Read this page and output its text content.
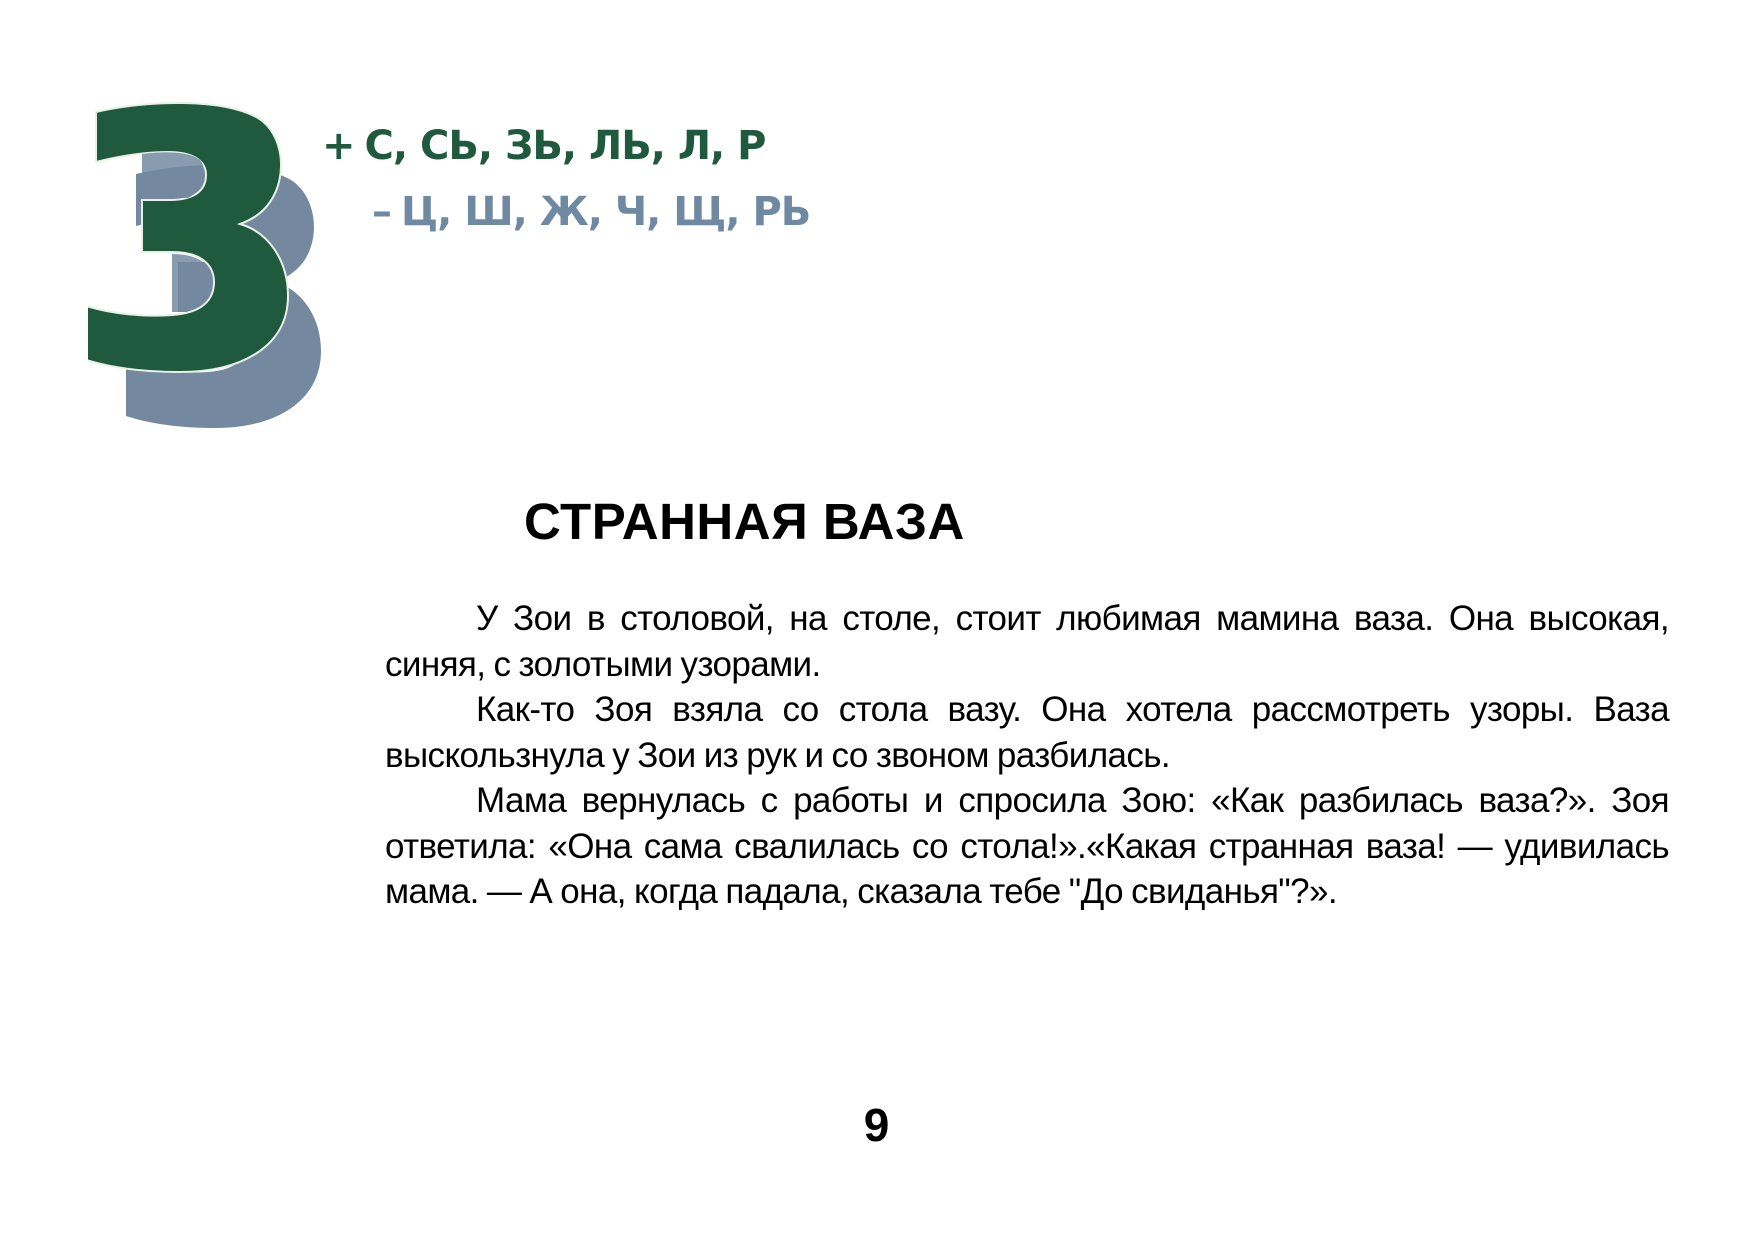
+ С, СЬ, ЗЬ, ЛЬ, Л, Р
– Ц, Ш, Ж, Ч, Щ, РЬ
СТРАННАЯ ВАЗА

У Зои в столовой, на столе, стоит любимая мамина ваза. Она высокая, синяя, с золотыми узорами.

Как-то Зоя взяла со стола вазу. Она хотела рассмотреть узоры. Ваза выскользнула у Зои из рук и со звоном разбилась.

Мама вернулась с работы и спросила Зою: «Как разбилась ваза?». Зоя ответила: «Она сама свалилась со стола!».«Какая странная ваза! — удивилась мама. — А она, когда падала, сказала тебе "До свиданья"?».

9
